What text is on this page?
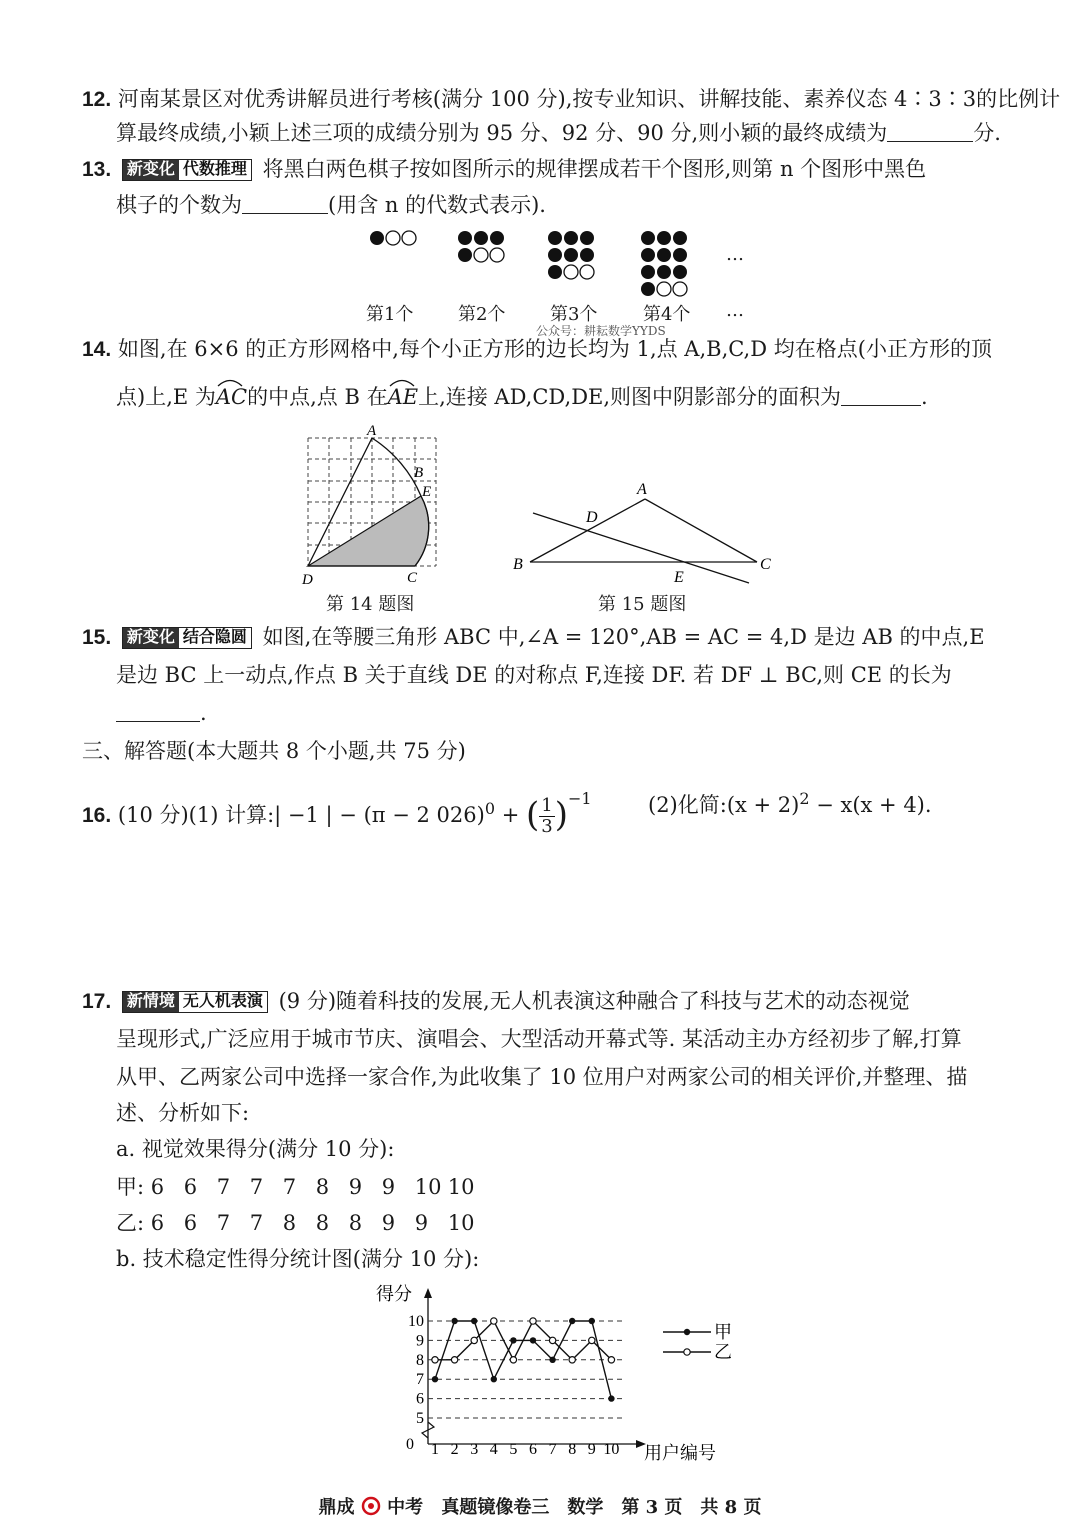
12. 河南某景区对优秀讲解员进行考核(满分 100 分),按专业知识、讲解技能、素养仪态 4∶3∶3的比例计
算最终成绩,小颖上述三项的成绩分别为 95 分、92 分、90 分,则小颖的最终成绩为	分.
13. 新变化 代数推理 将黑白两色棋子按如图所示的规律摆成若干个图形,则第 n 个图形中黑色
棋子的个数为	(用含 n 的代数式表示).
…
第1个 第2个 第3个	第4个 …
公众号：耕耘数学YYDS
14. 如图,在 6×6 的正方形网格中,每个小正方形的边长均为 1,点 A,B,C,D 均在格点(小正方形的顶
点)上,E 为
AC的中点,点 B 在
AE上,连接 AD,CD,DE,则图中阴影部分的面积为	.
A
B
E
D	C
第 14 题图
A
D
B
E
C
第 15 题图
15. 新变化 结合隐圆 如图,在等腰三角形 ABC 中,∠A = 120°,AB = AC = 4,D 是边 AB 的中点,E
是边 BC 上一动点,作点 B 关于直线 DE 的对称点 F,连接 DF. 若 DF ⊥ BC,则 CE 的长为
.
三、解答题(本大题共 8 个小题,共 75 分)
16. (10 分)(1) 计算:| −1 | − (π − 2 026)$^0$ + ( $\frac{1}{3} )^{-1}$	(2)化简:(x + 2)$^2$ − x(x + 4).
17. 新情境 无人机表演 (9 分)随着科技的发展,无人机表演这种融合了科技与艺术的动态视觉
呈现形式,广泛应用于城市节庆、演唱会、大型活动开幕式等. 某活动主办方经初步了解,打算
从甲、乙两家公司中选择一家合作,为此收集了 10 位用户对两家公司的相关评价,并整理、描
述、分析如下:
a. 视觉效果得分(满分 10 分):
甲: 6 6 7 7 7 8 9 9 10 10
乙: 6 6 7 7 8 8 8 9 9 10
b. 技术稳定性得分统计图(满分 10 分):
5
6
7
8
9
10
0 1 2 3 4 5 6 7 8 9 10
得分
用户编号
甲
乙
鼎成 中考 真题镜像卷三　数学　第 3 页　共 8 页
